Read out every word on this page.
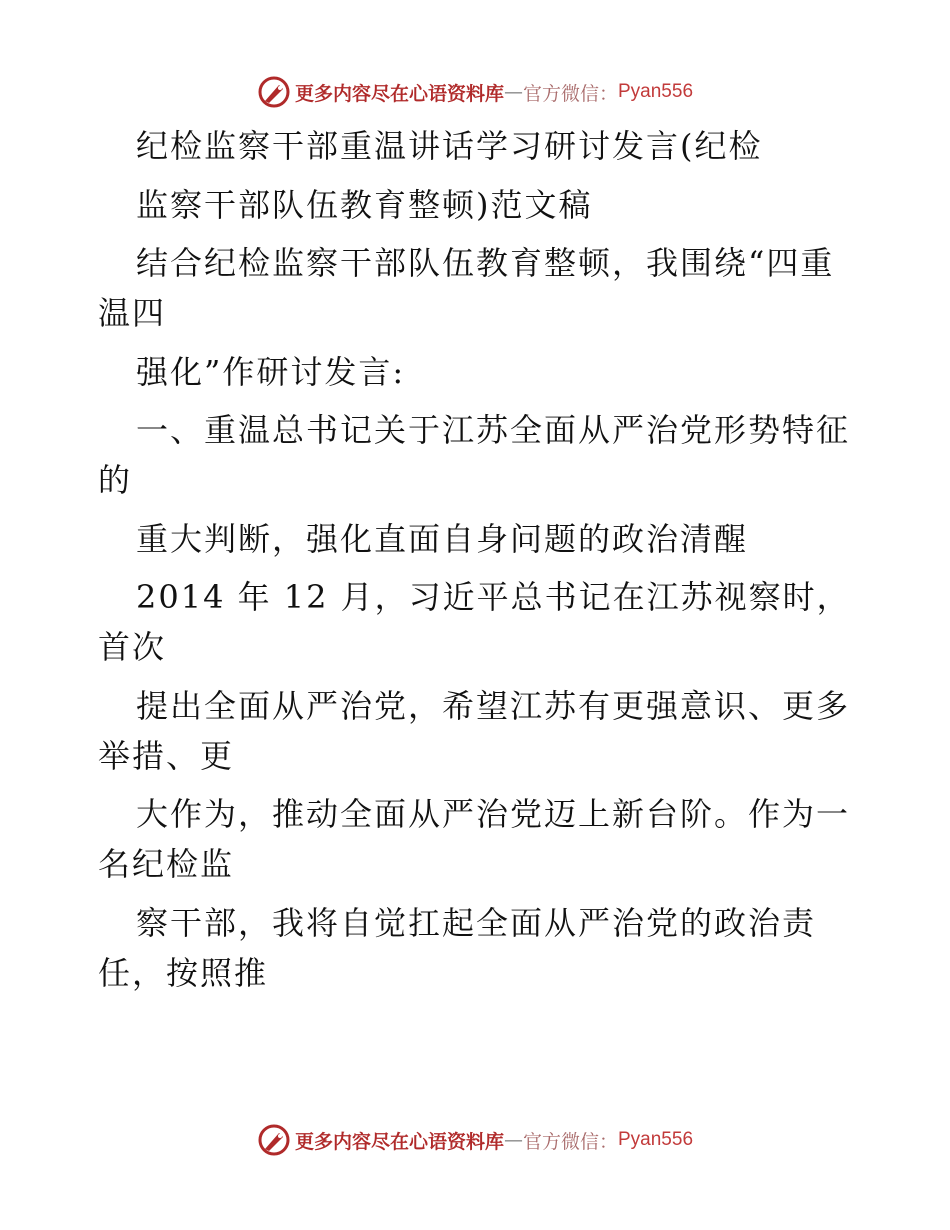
更多内容尽在心语资料库 — 官方微信： Pyan556
纪检监察干部重温讲话学习研讨发言(纪检
监察干部队伍教育整顿)范文稿
结合纪检监察干部队伍教育整顿，我围绕“四重
温四
强化”作研讨发言:
一、重温总书记关于江苏全面从严治党形势特征
的
重大判断，强化直面自身问题的政治清醒
2014 年 12 月，习近平总书记在江苏视察时，
首次
提出全面从严治党，希望江苏有更强意识、更多
举措、更
大作为，推动全面从严治党迈上新台阶。作为一
名纪检监
察干部，我将自觉扛起全面从严治党的政治责
任，按照推
更多内容尽在心语资料库 — 官方微信： Pyan556
